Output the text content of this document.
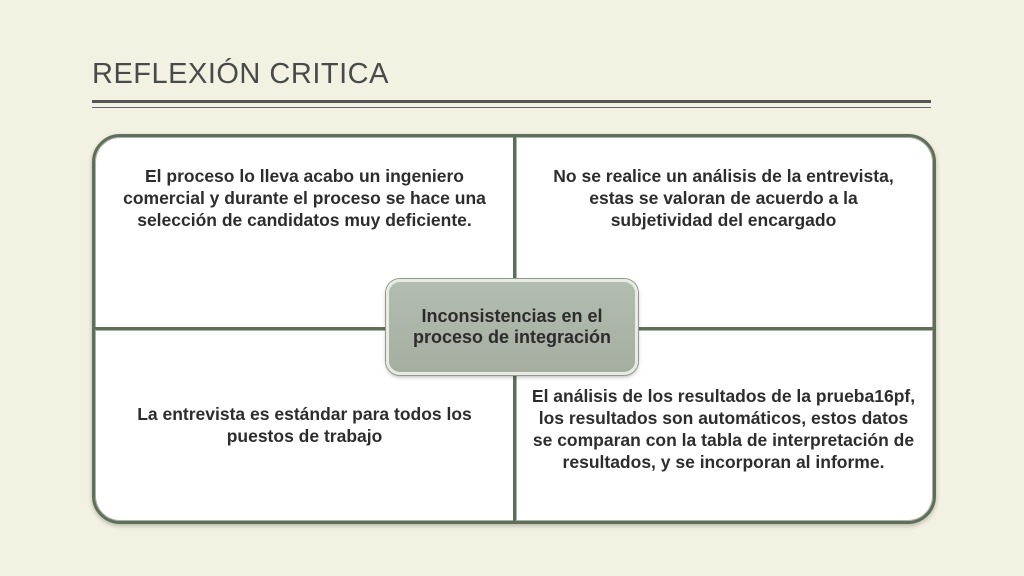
REFLEXIÓN CRITICA
El proceso lo lleva acabo un ingeniero comercial y durante el proceso se hace una selección de candidatos muy deficiente.
No se realice un análisis de la entrevista, estas se valoran de acuerdo a la subjetividad del encargado
La entrevista es estándar para todos los puestos de trabajo
El análisis de los resultados de la prueba16pf, los resultados son automáticos, estos datos se comparan con la tabla de interpretación de resultados, y se incorporan al informe.
Inconsistencias en el proceso de integración
